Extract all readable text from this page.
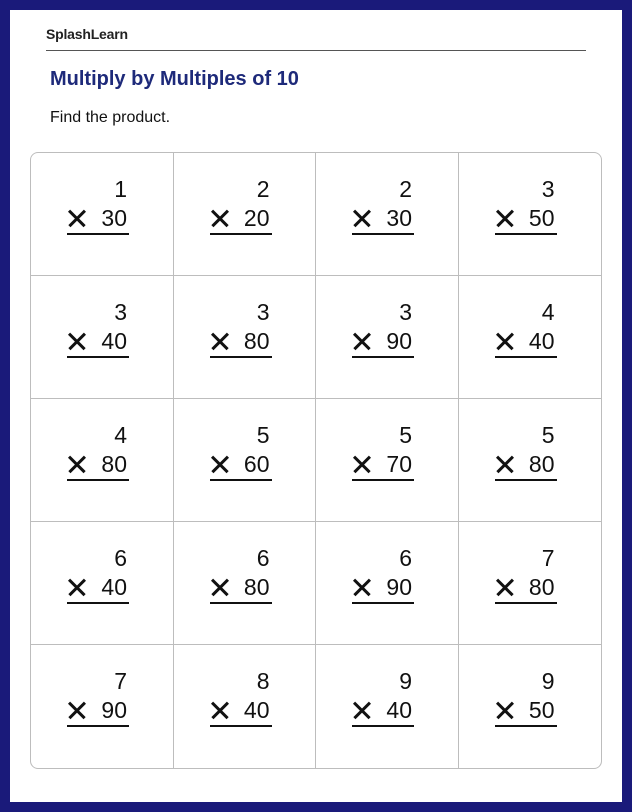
SplashLearn
Multiply by Multiples of 10
Find the product.
1
30
2
20
2
30
3
50
3
40
3
80
3
90
4
40
4
80
5
60
5
70
5
80
6
40
6
80
6
90
7
80
7
90
8
40
9
40
9
50
